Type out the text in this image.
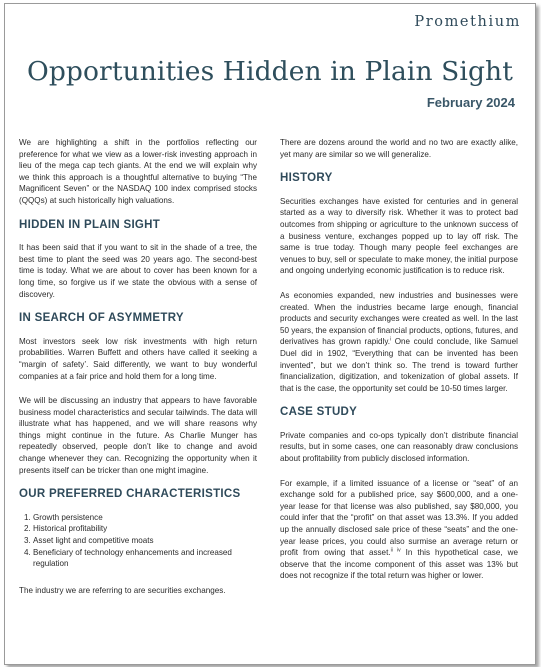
Promethium
Opportunities Hidden in Plain Sight
February 2024

We are highlighting a shift in the portfolios reflecting our preference for what we view as a lower-risk investing approach in lieu of the mega cap tech giants. At the end we will explain why we think this approach is a thoughtful alternative to buying “The Magnificent Seven” or the NASDAQ 100 index comprised stocks (QQQs) at such historically high valuations.

HIDDEN IN PLAIN SIGHT

It has been said that if you want to sit in the shade of a tree, the best time to plant the seed was 20 years ago. The second-best time is today. What we are about to cover has been known for a long time, so forgive us if we state the obvious with a sense of discovery.

IN SEARCH OF ASYMMETRY

Most investors seek low risk investments with high return probabilities. Warren Buffett and others have called it seeking a “margin of safety’. Said differently, we want to buy wonderful companies at a fair price and hold them for a long time.

We will be discussing an industry that appears to have favorable business model characteristics and secular tailwinds. The data will illustrate what has happened, and we will share reasons why things might continue in the future. As Charlie Munger has repeatedly observed, people don’t like to change and avoid change whenever they can. Recognizing the opportunity when it presents itself can be tricker than one might imagine.

OUR PREFERRED CHARACTERISTICS
1. Growth persistence
2. Historical profitability
3. Asset light and competitive moats
4. Beneficiary of technology enhancements and increased regulation

The industry we are referring to are securities exchanges.

There are dozens around the world and no two are exactly alike, yet many are similar so we will generalize.

HISTORY

Securities exchanges have existed for centuries and in general started as a way to diversify risk. Whether it was to protect bad outcomes from shipping or agriculture to the unknown success of a business venture, exchanges popped up to lay off risk. The same is true today. Though many people feel exchanges are venues to buy, sell or speculate to make money, the initial purpose and ongoing underlying economic justification is to reduce risk.

As economies expanded, new industries and businesses were created. When the industries became large enough, financial products and security exchanges were created as well. In the last 50 years, the expansion of financial products, options, futures, and derivatives has grown rapidly.$^i$ One could conclude, like Samuel Duel did in 1902, “Everything that can be invented has been invented”, but we don’t think so. The trend is toward further financialization, digitization, and tokenization of global assets. If that is the case, the opportunity set could be 10-50 times larger.

CASE STUDY

Private companies and co-ops typically don’t distribute financial results, but in some cases, one can reasonably draw conclusions about profitability from publicly disclosed information.

For example, if a limited issuance of a license or “seat” of an exchange sold for a published price, say $600,000, and a one-year lease for that license was also published, say $80,000, you could infer that the “profit” on that asset was 13.3%. If you added up the annually disclosed sale price of these “seats” and the one-year lease prices, you could also surmise an average return or profit from owing that asset.$^{ii iv}$ In this hypothetical case, we observe that the income component of this asset was 13% but does not recognize if the total return was higher or lower.
